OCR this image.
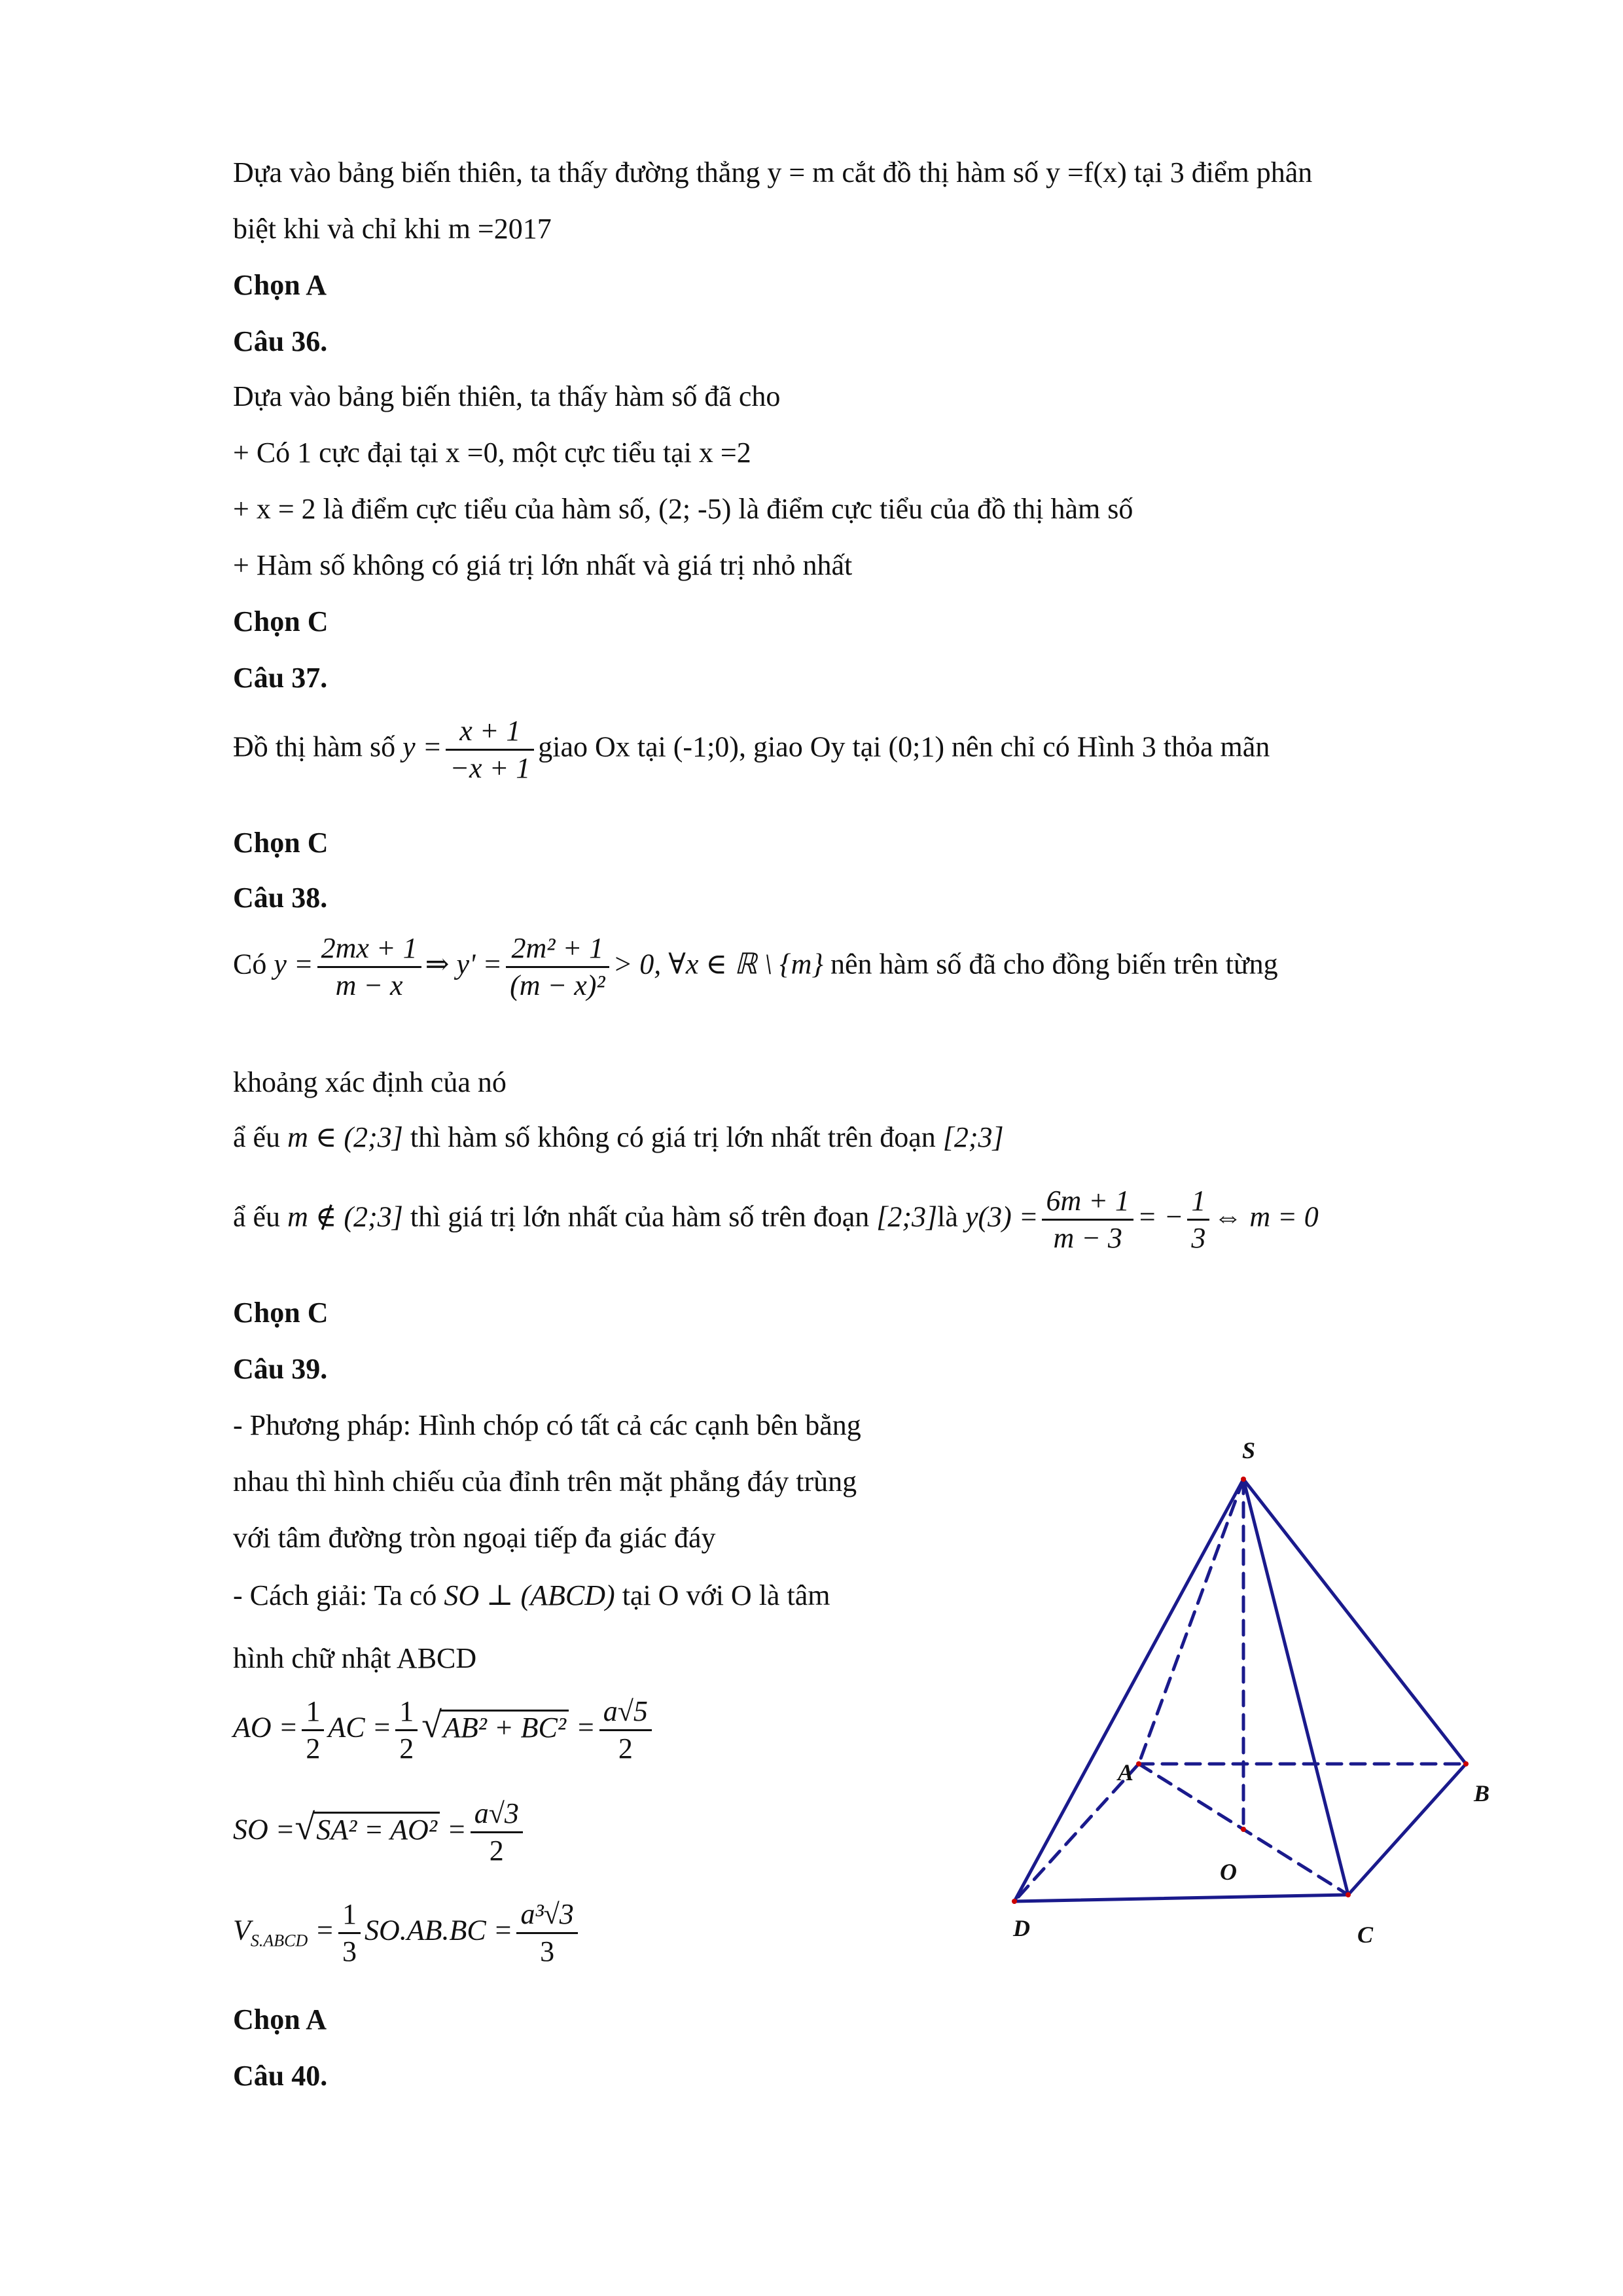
Dựa vào bảng biến thiên, ta thấy đường thẳng y = m cắt đồ thị hàm số y =f(x) tại 3 điểm phân
biệt khi và chỉ khi m =2017
Chọn A
Câu 36.
Dựa vào bảng biến thiên, ta thấy hàm số đã cho
+ Có 1 cực đại tại x =0, một cực tiểu tại x =2
+ x = 2 là điểm cực tiểu của hàm số, (2; -5) là điểm cực tiểu của đồ thị hàm số
+ Hàm số không có giá trị lớn nhất và giá trị nhỏ nhất
Chọn C
Câu 37.
Đồ thị hàm số $y = \frac{x + 1}{-x + 1}$ giao Ox tại (-1;0), giao Oy tại (0;1) nên chỉ có Hình 3 thỏa mãn
Chọn C
Câu 38.
Có $y = \frac{2mx + 1}{m - x}$ ⇒ $y' = \frac{\text{2m² + 1}}{\text{(m − x)²}} > 0$, ∀x ∈ ℝ \ {m} nên hàm số đã cho đồng biến trên từng
khoảng xác định của nó
ẩ ếu m ∈ (2;3] thì hàm số không có giá trị lớn nhất trên đoạn [2;3]
ẩ ếu m ∉ (2;3] thì giá trị lớn nhất của hàm số trên đoạn [2;3]là $y(3) = \frac{6m + 1}{m - 3}$ = − $\frac{1}{3}$ ⇔ m = 0
Chọn C
Câu 39.
- Phương pháp: Hình chóp có tất cả các cạnh bên bằng
nhau thì hình chiếu của đỉnh trên mặt phẳng đáy trùng
với tâm đường tròn ngoại tiếp đa giác đáy
- Cách giải: Ta có SO ⊥ (ABCD) tại O với O là tâm
hình chữ nhật ABCD
AO = $\frac{1}{2}$ AC = $\frac{1}{2} √AB^2 + BC^2 = \frac{a√5}{2}$
SO $=√SA^2 = AO^2 = \frac{a√3}{2}$
$V_{S.ABCD} = \frac{1}{3} SO.AB.BC = \frac{\text{a³√3}}{3}$
Chọn A
Câu 40.
S
A
B
C
D
O
